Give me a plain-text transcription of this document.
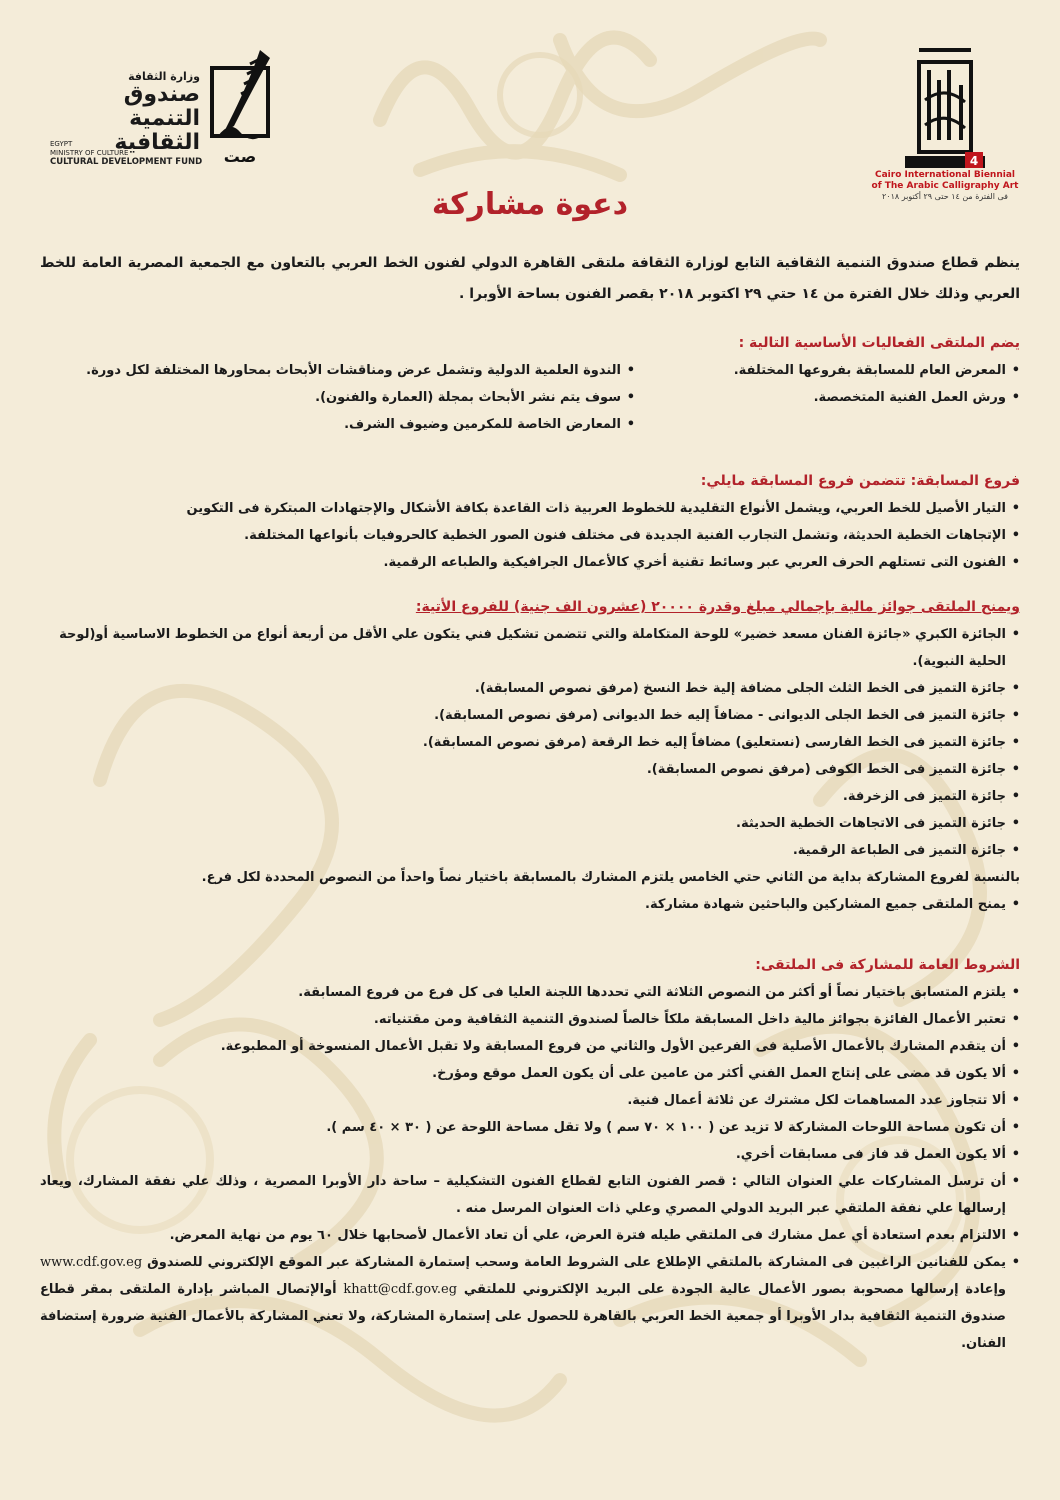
4
Cairo International Biennial
of The Arabic Calligraphy Art
فى الفترة من ١٤ حتى ٢٩ أكتوبر ٢٠١٨
صت
وزارة الثقافة
صندوق
التنمية
الثقافية
EGYPT
MINISTRY OF CULTURE
CULTURAL DEVELOPMENT FUND
دعوة مشاركة

ينظم قطاع صندوق التنمية الثقافية التابع لوزارة الثقافة ملتقى القاهرة الدولي لفنون الخط العربي بالتعاون مع الجمعية المصرية العامة للخط العربي وذلك خلال الفترة من ١٤ حتي ٢٩ اكتوبر ٢٠١٨ بقصر الفنون بساحة الأوبرا .

يضم الملتقى الفعاليات الأساسية التالية :

• المعرض العام للمسابقة بفروعها المختلفة.
• ورش العمل الفنية المتخصصة.
• الندوة العلمية الدولية وتشمل عرض ومناقشات الأبحاث بمحاورها المختلفة لكل دورة.
• سوف يتم نشر الأبحاث بمجلة (العمارة والفنون).
• المعارض الخاصة للمكرمين وضيوف الشرف.

فروع المسابقة: تتضمن فروع المسابقة مايلي:

• التيار الأصيل للخط العربي، ويشمل الأنواع التقليدية للخطوط العربية ذات القاعدة بكافة الأشكال والإجتهادات المبتكرة فى التكوين
• الإتجاهات الخطية الحديثة، وتشمل التجارب الفنية الجديدة فى مختلف فنون الصور الخطية كالحروفيات بأنواعها المختلفة.
• الفنون التى تستلهم الحرف العربي عبر وسائط تقنية أخري كالأعمال الجرافيكية والطباعه الرقمية.

ويمنح الملتقى جوائز مالية بإجمالي مبلغ وقدرة ٢٠٠٠٠ (عشرون الف جنية) للفروع الأتية:

• الجائزة الكبري «جائزة الفنان مسعد خضير» للوحة المتكاملة والتي تتضمن تشكيل فني يتكون علي الأقل من أربعة أنواع من الخطوط الاساسية أو(لوحة الحلية النبوية).
• جائزة التميز فى الخط الثلث الجلى مضافة إلية خط النسخ (مرفق نصوص المسابقة).
• جائزة التميز فى الخط الجلى الديوانى - مضافاً إليه خط الديوانى (مرفق نصوص المسابقة).
• جائزة التميز فى الخط الفارسى (نستعليق) مضافاً إليه خط الرقعة (مرفق نصوص المسابقة).
• جائزة التميز فى الخط الكوفى (مرفق نصوص المسابقة).
• جائزة التميز فى الزخرفة.
• جائزة التميز فى الاتجاهات الخطية الحديثة.
• جائزة التميز فى الطباعة الرقمية.
بالنسبة لفروع المشاركة بداية من الثاني حتي الخامس يلتزم المشارك بالمسابقة باختيار نصاً واحداً من النصوص المحددة لكل فرع.
• يمنح الملتقى جميع المشاركين والباحثين شهادة مشاركة.

الشروط العامة للمشاركة فى الملتقى:

• يلتزم المتسابق باختيار نصاً أو أكثر من النصوص الثلاثة التي تحددها اللجنة العليا فى كل فرع من فروع المسابقة.
• تعتبر الأعمال الفائزة بجوائز مالية داخل المسابقة ملكاً خالصاً لصندوق التنمية الثقافية ومن مقتنياته.
• أن يتقدم المشارك بالأعمال الأصلية فى الفرعين الأول والثاني من فروع المسابقة ولا تقبل الأعمال المنسوخة أو المطبوعة.
• ألا يكون قد مضى على إنتاج العمل الفني أكثر من عامين على أن يكون العمل موقع ومؤرخ.
• ألا تتجاوز عدد المساهمات لكل مشترك عن ثلاثة أعمال فنية.
• أن تكون مساحة اللوحات المشاركة لا تزيد عن ( ١٠٠ × ٧٠ سم ) ولا تقل مساحة اللوحة عن ( ٣٠ × ٤٠ سم ).
• ألا يكون العمل قد فاز فى مسابقات أخري.
• أن ترسل المشاركات علي العنوان التالي : قصر الفنون التابع لقطاع الفنون التشكيلية – ساحة دار الأوبرا المصرية ، وذلك علي نفقة المشارك، ويعاد إرسالها علي نفقة الملتقي عبر البريد الدولي المصري وعلي ذات العنوان المرسل منه .
• الالتزام بعدم استعادة أي عمل مشارك فى الملتقي طيله فترة العرض، علي أن تعاد الأعمال لأصحابها خلال ٦٠ يوم من نهاية المعرض.
• يمكن للفنانين الراغبين فى المشاركة بالملتقي الإطلاع على الشروط العامة وسحب إستمارة المشاركة عبر الموقع الإلكتروني للصندوق www.cdf.gov.eg وإعادة إرسالها مصحوبة بصور الأعمال عالية الجودة على البريد الإلكتروني للملتقي khatt@cdf.gov.eg أوالإتصال المباشر بإدارة الملتقى بمقر قطاع صندوق التنمية الثقافية بدار الأوبرا أو جمعية الخط العربي بالقاهرة للحصول على إستمارة المشاركة، ولا تعني المشاركة بالأعمال الفنية ضرورة إستضافة الفنان.
